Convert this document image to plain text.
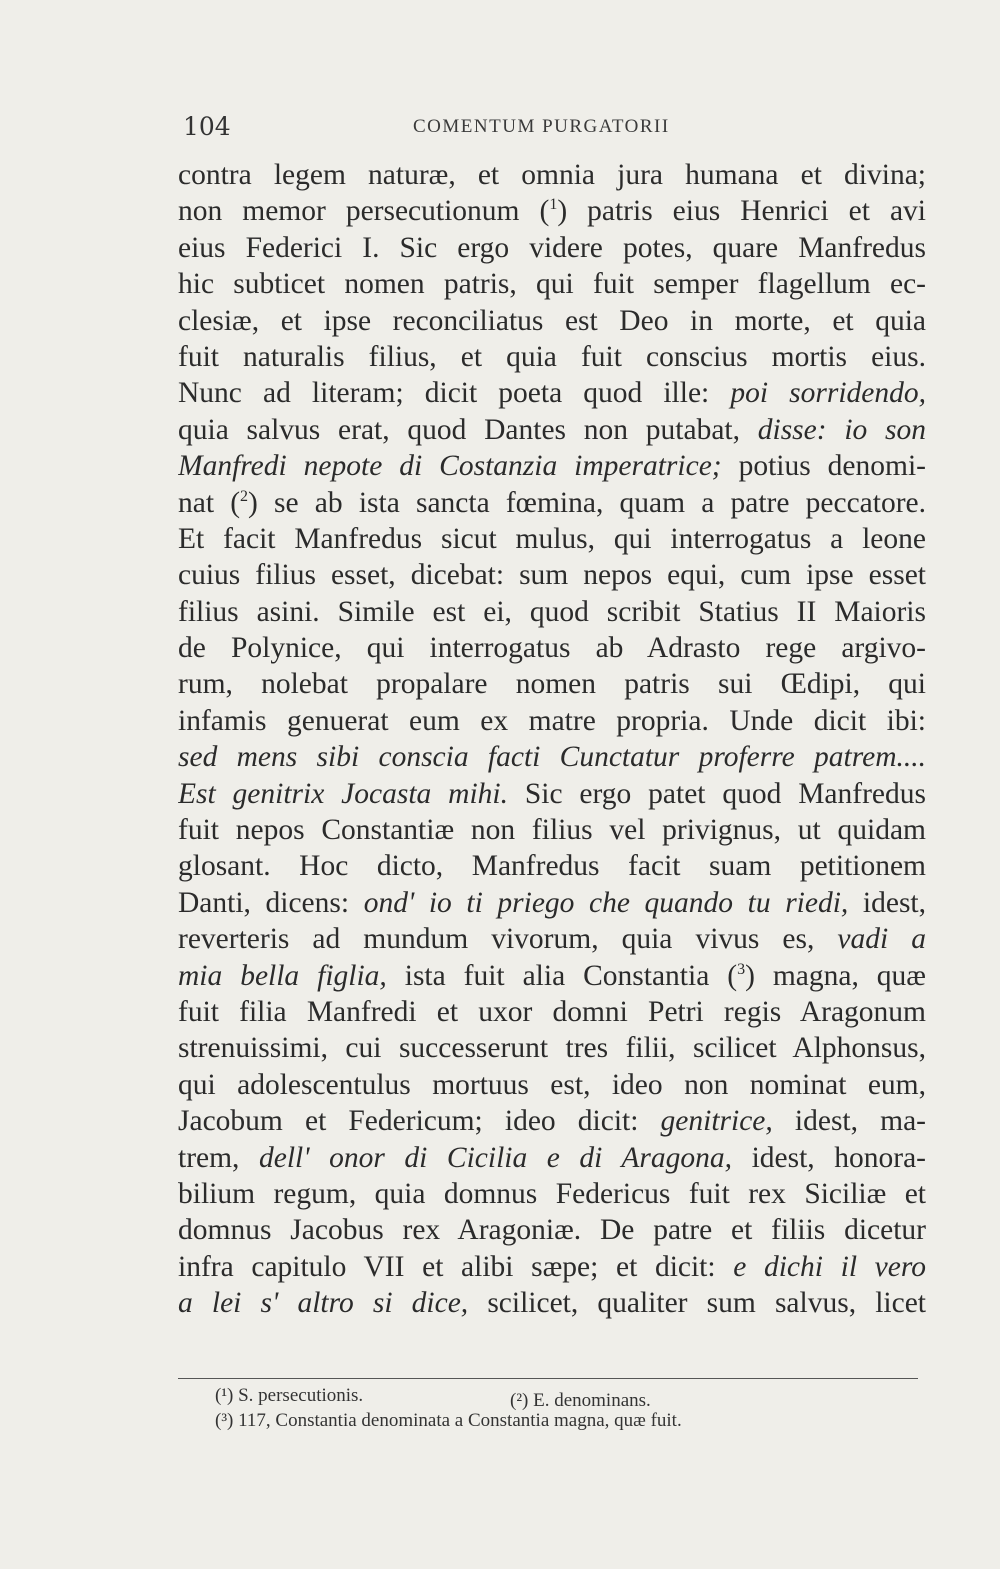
104	COMENTUM PURGATORII
contra legem naturæ, et omnia jura humana et divina;
non memor persecutionum ($^1$) patris eius Henrici et avi
eius Federici I. Sic ergo videre potes, quare Manfredus
hic subticet nomen patris, qui fuit semper flagellum ec-
clesiæ, et ipse reconciliatus est Deo in morte, et quia
fuit naturalis filius, et quia fuit conscius mortis eius.
Nunc ad literam; dicit poeta quod ille: poi sorridendo,
quia salvus erat, quod Dantes non putabat, disse: io son
Manfredi nepote di Costanzia imperatrice; potius denomi-
nat ($^2$) se ab ista sancta fœmina, quam a patre peccatore.
Et facit Manfredus sicut mulus, qui interrogatus a leone
cuius filius esset, dicebat: sum nepos equi, cum ipse esset
filius asini. Simile est ei, quod scribit Statius II Maioris
de Polynice, qui interrogatus ab Adrasto rege argivo-
rum, nolebat propalare nomen patris sui Œdipi, qui
infamis genuerat eum ex matre propria. Unde dicit ibi:
sed mens sibi conscia facti Cunctatur proferre patrem....
Est genitrix Jocasta mihi. Sic ergo patet quod Manfredus
fuit nepos Constantiæ non filius vel privignus, ut quidam
glosant. Hoc dicto, Manfredus facit suam petitionem
Danti, dicens: ond' io ti priego che quando tu riedi, idest,
reverteris ad mundum vivorum, quia vivus es, vadi a
mia bella figlia, ista fuit alia Constantia ($^3$) magna, quæ
fuit filia Manfredi et uxor domni Petri regis Aragonum
strenuissimi, cui successerunt tres filii, scilicet Alphonsus,
qui adolescentulus mortuus est, ideo non nominat eum,
Jacobum et Federicum; ideo dicit: genitrice, idest, ma-
trem, dell' onor di Cicilia e di Aragona, idest, honora-
bilium regum, quia domnus Federicus fuit rex Siciliæ et
domnus Jacobus rex Aragoniæ. De patre et filiis dicetur
infra capitulo VII et alibi sæpe; et dicit: e dichi il vero
a lei s' altro si dice, scilicet, qualiter sum salvus, licet
(¹) S. persecutionis.	(²) E. denominans.
(³) 117, Constantia denominata a Constantia magna, quæ fuit.
